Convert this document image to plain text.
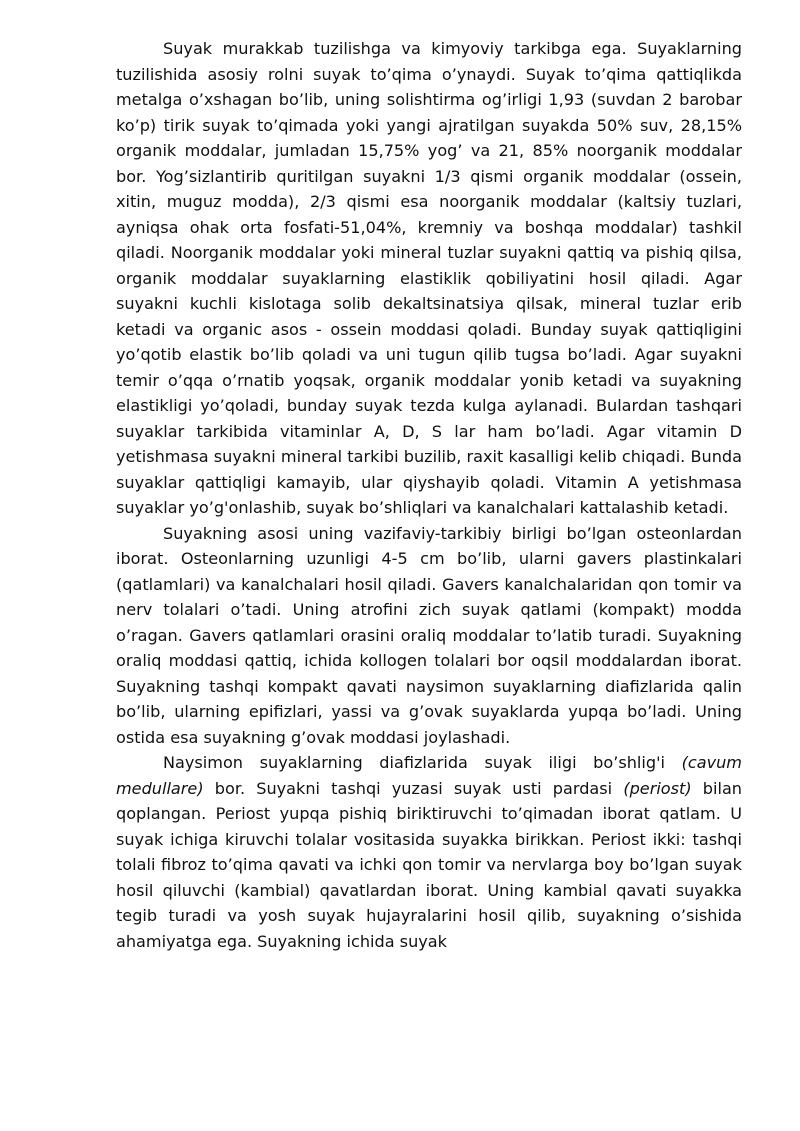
Suyak murakkab tuzilishga va kimyoviy tarkibga ega. Suyaklarning tuzilishida asosiy rolni suyak to’qima o’ynaydi. Suyak to’qima qattiqlikda metalga o’xshagan bo’lib, uning solishtirma og’irligi 1,93 (suvdan 2 barobar ko’p) tirik suyak to’qimada yoki yangi ajratilgan suyakda 50% suv, 28,15% organik moddalar, jumladan 15,75% yog’ va 21, 85% noorganik moddalar bor. Yog’sizlantirib quritilgan suyakni 1/3 qismi organik moddalar (ossein, xitin, muguz modda), 2/3 qismi esa noorganik moddalar (kaltsiy tuzlari, ayniqsa ohak orta fosfati-51,04%, kremniy va boshqa moddalar) tashkil qiladi. Noorganik moddalar yoki mineral tuzlar suyakni qattiq va pishiq qilsa, organik moddalar suyaklarning elastiklik qobiliyatini hosil qiladi. Agar suyakni kuchli kislotaga solib dekaltsinatsiya qilsak, mineral tuzlar erib ketadi va organic asos - ossein moddasi qoladi. Bunday suyak qattiqligini yo’qotib elastik bo’lib qoladi va uni tugun qilib tugsa bo’ladi. Agar suyakni temir o’qqa o’rnatib yoqsak, organik moddalar yonib ketadi va suyakning elastikligi yo’qoladi, bunday suyak tezda kulga aylanadi. Bulardan tashqari suyaklar tarkibida vitaminlar A, D, S lar ham bo’ladi. Agar vitamin D yetishmasa suyakni mineral tarkibi buzilib, raxit kasalligi kelib chiqadi. Bunda suyaklar qattiqligi kamayib, ular qiyshayib qoladi. Vitamin A yetishmasa suyaklar yo’g'onlashib, suyak bo’shliqlari va kanalchalari kattalashib ketadi.

Suyakning asosi uning vazifaviy-tarkibiy birligi bo’lgan osteonlardan iborat. Osteonlarning uzunligi 4-5 cm bo’lib, ularni gavers plastinkalari (qatlamlari) va kanalchalari hosil qiladi. Gavers kanalchalaridan qon tomir va nerv tolalari o’tadi. Uning atrofini zich suyak qatlami (kompakt) modda o’ragan. Gavers qatlamlari orasini oraliq moddalar to’latib turadi. Suyakning oraliq moddasi qattiq, ichida kollogen tolalari bor oqsil moddalardan iborat. Suyakning tashqi kompakt qavati naysimon suyaklarning diafizlarida qalin bo’lib, ularning epifizlari, yassi va g’ovak suyaklarda yupqa bo’ladi. Uning ostida esa suyakning g’ovak moddasi joylashadi.

Naysimon suyaklarning diafizlarida suyak iligi bo’shlig'i (cavum medullare) bor. Suyakni tashqi yuzasi suyak usti pardasi (periost) bilan qoplangan. Periost yupqa pishiq biriktiruvchi to’qimadan iborat qatlam. U suyak ichiga kiruvchi tolalar vositasida suyakka birikkan. Periost ikki: tashqi tolali fibroz to’qima qavati va ichki qon tomir va nervlarga boy bo’lgan suyak hosil qiluvchi (kambial) qavatlardan iborat. Uning kambial qavati suyakka tegib turadi va yosh suyak hujayralarini hosil qilib, suyakning o’sishida ahamiyatga ega. Suyakning ichida suyak
